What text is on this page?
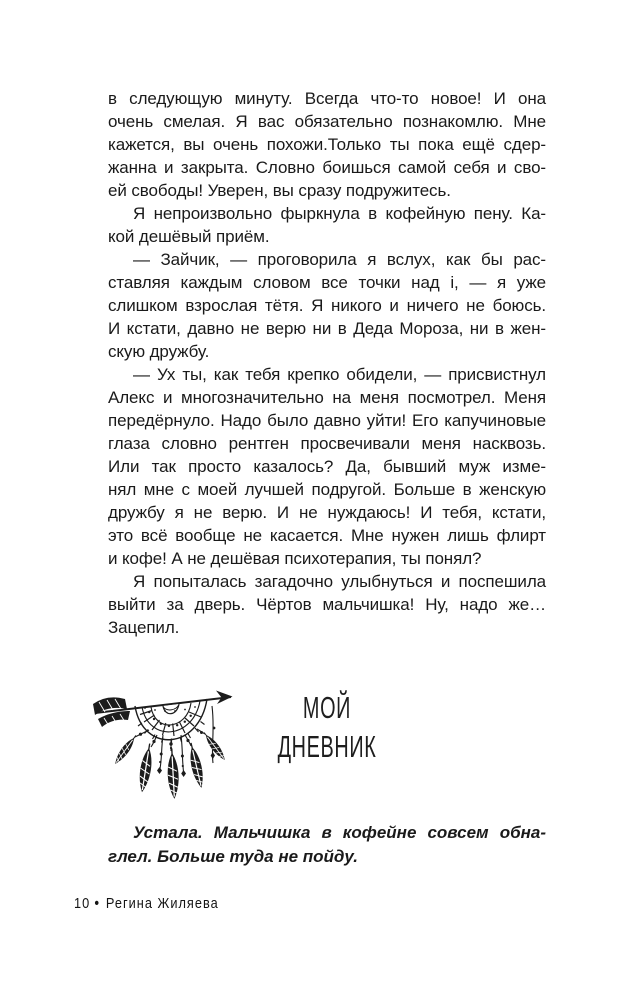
в следующую минуту. Всегда что-то новое! И она
очень смелая. Я вас обязательно познакомлю. Мне
кажется, вы очень похожи.Только ты пока ещё сдер-
жанна и закрыта. Словно боишься самой себя и сво-
ей свободы! Уверен, вы сразу подружитесь.
Я непроизвольно фыркнула в кофейную пену. Ка-
кой дешёвый приём.
— Зайчик, — проговорила я вслух, как бы рас-
ставляя каждым словом все точки над i, — я уже
слишком взрослая тётя. Я никого и ничего не боюсь.
И кстати, давно не верю ни в Деда Мороза, ни в жен-
скую дружбу.
— Ух ты, как тебя крепко обидели, — присвистнул
Алекс и многозначительно на меня посмотрел. Меня
передёрнуло. Надо было давно уйти! Его капучиновые
глаза словно рентген просвечивали меня насквозь.
Или так просто казалось? Да, бывший муж изме-
нял мне с моей лучшей подругой. Больше в женскую
дружбу я не верю. И не нуждаюсь! И тебя, кстати,
это всё вообще не касается. Мне нужен лишь флирт
и кофе! А не дешёвая психотерапия, ты понял?
Я попыталась загадочно улыбнуться и поспешила
выйти за дверь. Чёртов мальчишка! Ну, надо же…
Зацепил.
МОЙ
ДНЕВНИК
Устала. Мальчишка в кофейне совсем обна-
глел. Больше туда не пойду.
10 • Регина Жиляева
